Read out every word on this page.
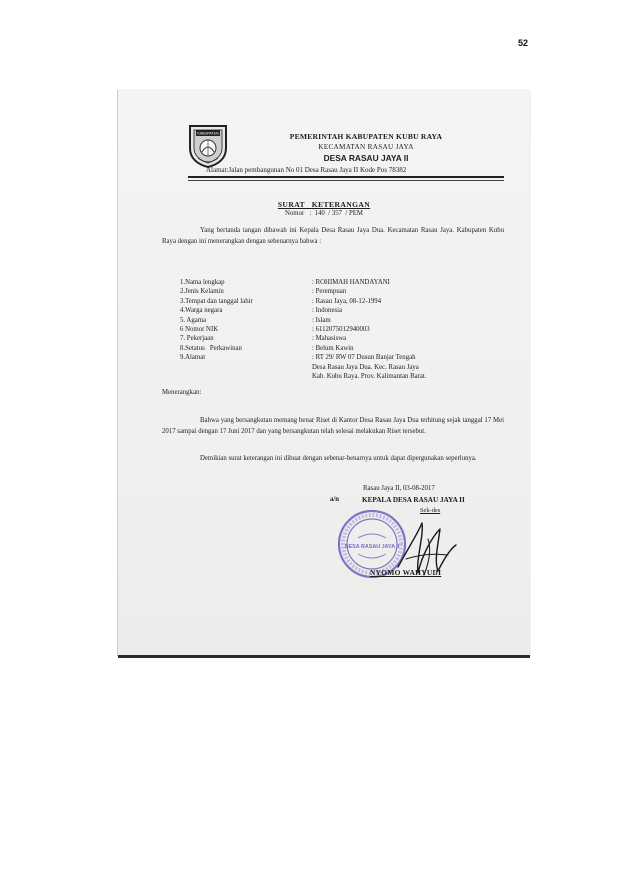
52
KABUPATEN	PEMERINTAH KABUPATEN KUBU RAYA
KECAMATAN RASAU JAYA
DESA RASAU JAYA II
Alamat:Jalan pembangunan No 01 Desa Rasau Jaya II Kode Pos 78382
SURAT   KETERANGAN
Nomor   :  140  / 357  / PEM
Yang bertanda tangan dibawah ini Kepala Desa Rasau Jaya Dua. Kecamatan Rasau Jaya. Kabupaten Kubu Raya dengan ini menerangkan dengan sebenarnya bahwa :
1.Nama lengkap	: ROHIMAH HANDAYANI
2.Jenis Kelamin	: Perempuan
3.Tempat dan tanggal lahir	: Rasau Jaya, 08-12-1994
4.Warga negara	: Indonesia
5. Agama	: Islam
6 Nomor NIK	: 6112075012940003
7. Pekerjaan	: Mahasiswa
8.Setatus   Perkawinan	: Belum Kawin
9.Alamat	: RT 29/ RW 07 Dusun Banjar Tengah
Desa Rasau Jaya Dua. Kec. Rasau Jaya
Kab. Kubu Raya. Prov. Kalimantan Barat.
Menerangkan:
Bahwa yang bersangkutan memang benar Riset di Kantor Desa Rasau Jaya Dua terhitung sejak tanggal 17 Mei 2017 sampai dengan 17 Juni 2017 dan yang bersangkutan telah selesai melakukan Riset tersebut.
Demikian surat keterangan ini dibuat dengan sebenar-benarnya untuk dapat dipergunakan seperlunya.
Rasau Jaya II, 03-08-2017
a/n	KEPALA DESA RASAU JAYA II
Sek-des
DESA RASAU JAYA II
NYOMO WAHYUDI
